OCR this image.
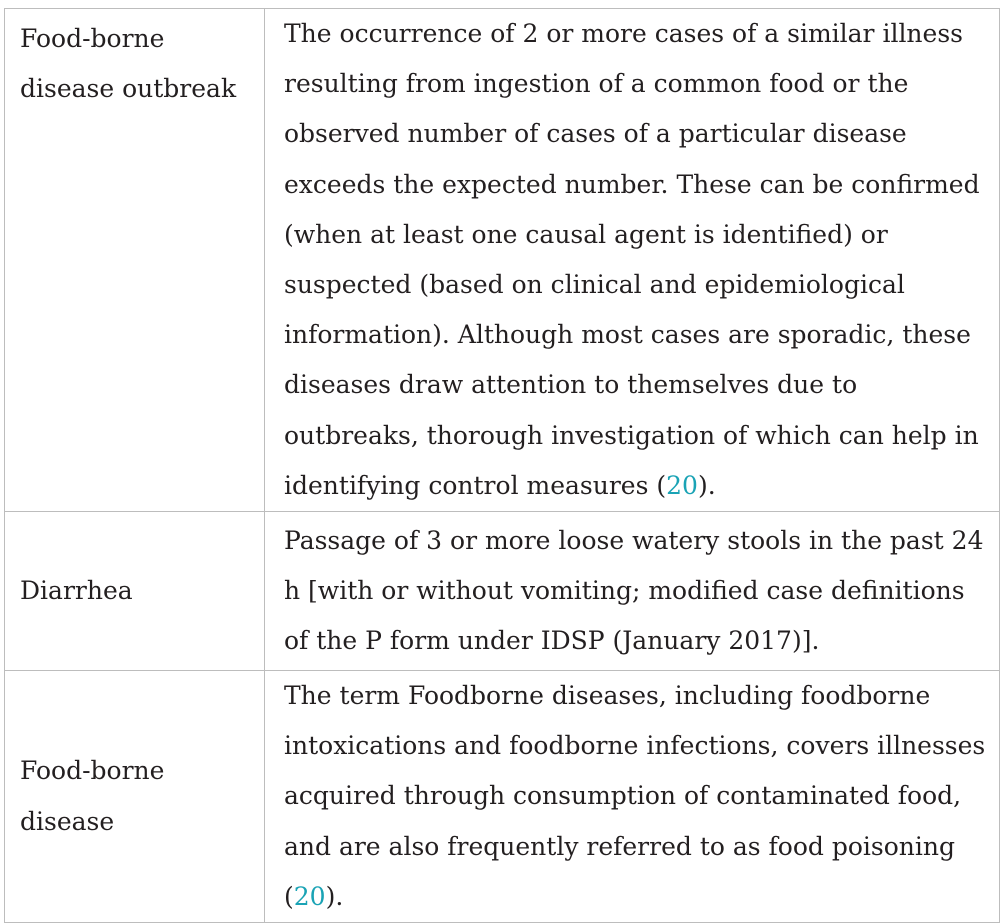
Food-borne disease outbreak	The occurrence of 2 or more cases of a similar illness resulting from ingestion of a common food or the observed number of cases of a particular disease exceeds the expected number. These can be confirmed (when at least one causal agent is identified) or suspected (based on clinical and epidemiological information). Although most cases are sporadic, these diseases draw attention to themselves due to outbreaks, thorough investigation of which can help in identifying control measures (20).
Diarrhea	Passage of 3 or more loose watery stools in the past 24 h [with or without vomiting; modified case definitions of the P form under IDSP (January 2017)].
Food-borne disease	The term Foodborne diseases, including foodborne intoxications and foodborne infections, covers illnesses acquired through consumption of contaminated food, and are also frequently referred to as food poisoning (20).
